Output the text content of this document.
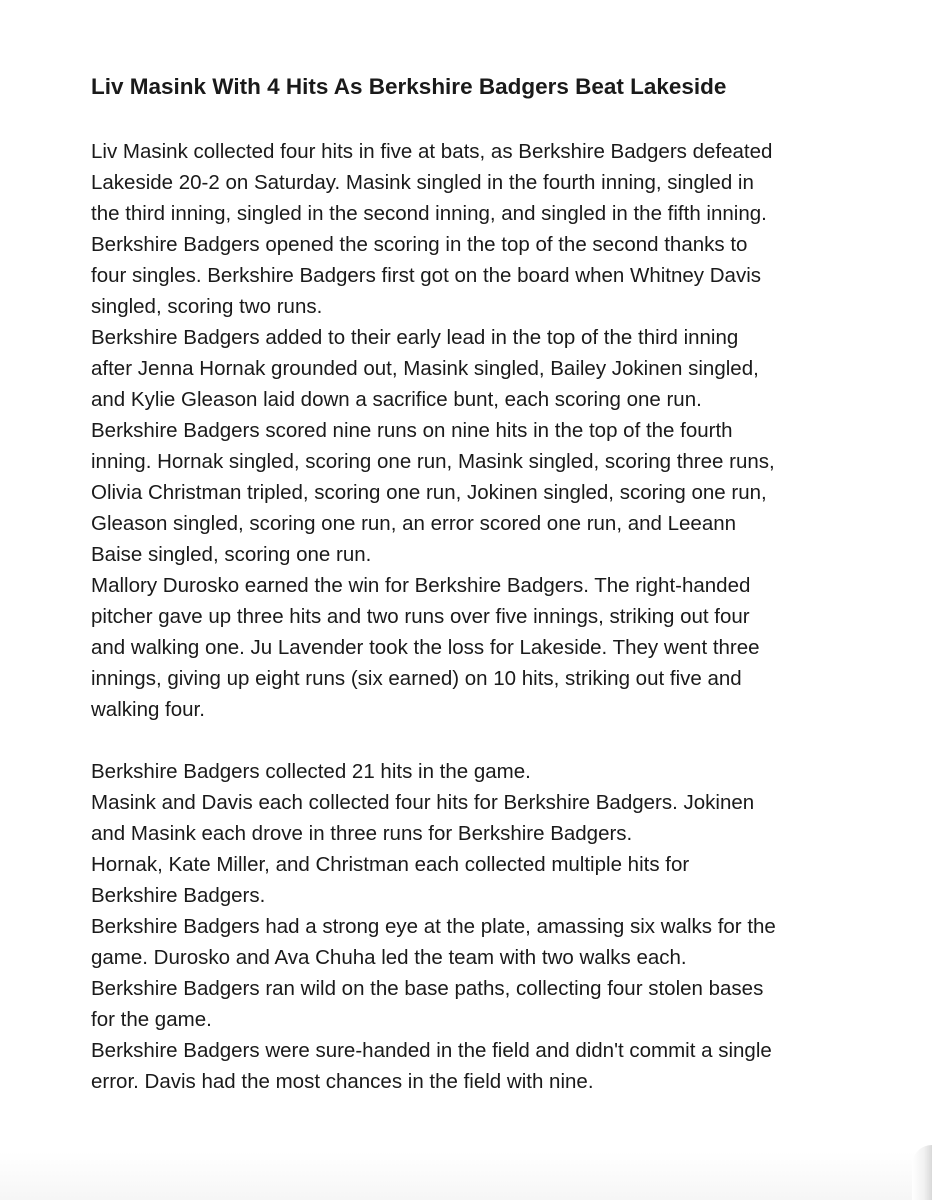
Liv Masink With 4 Hits As Berkshire Badgers Beat Lakeside

Liv Masink collected four hits in five at bats, as Berkshire Badgers defeated
Lakeside 20-2 on Saturday. Masink singled in the fourth inning, singled in
the third inning, singled in the second inning, and singled in the fifth inning.
Berkshire Badgers opened the scoring in the top of the second thanks to
four singles. Berkshire Badgers first got on the board when Whitney Davis
singled, scoring two runs.

Berkshire Badgers added to their early lead in the top of the third inning
after Jenna Hornak grounded out, Masink singled, Bailey Jokinen singled,
and Kylie Gleason laid down a sacrifice bunt, each scoring one run.

Berkshire Badgers scored nine runs on nine hits in the top of the fourth
inning. Hornak singled, scoring one run, Masink singled, scoring three runs,
Olivia Christman tripled, scoring one run, Jokinen singled, scoring one run,
Gleason singled, scoring one run, an error scored one run, and Leeann
Baise singled, scoring one run.

Mallory Durosko earned the win for Berkshire Badgers. The right-handed
pitcher gave up three hits and two runs over five innings, striking out four
and walking one. Ju Lavender took the loss for Lakeside. They went three
innings, giving up eight runs (six earned) on 10 hits, striking out five and
walking four.

Berkshire Badgers collected 21 hits in the game.

Masink and Davis each collected four hits for Berkshire Badgers. Jokinen
and Masink each drove in three runs for Berkshire Badgers.

Hornak, Kate Miller, and Christman each collected multiple hits for
Berkshire Badgers.

Berkshire Badgers had a strong eye at the plate, amassing six walks for the
game. Durosko and Ava Chuha led the team with two walks each.

Berkshire Badgers ran wild on the base paths, collecting four stolen bases
for the game.

Berkshire Badgers were sure-handed in the field and didn't commit a single
error. Davis had the most chances in the field with nine.
